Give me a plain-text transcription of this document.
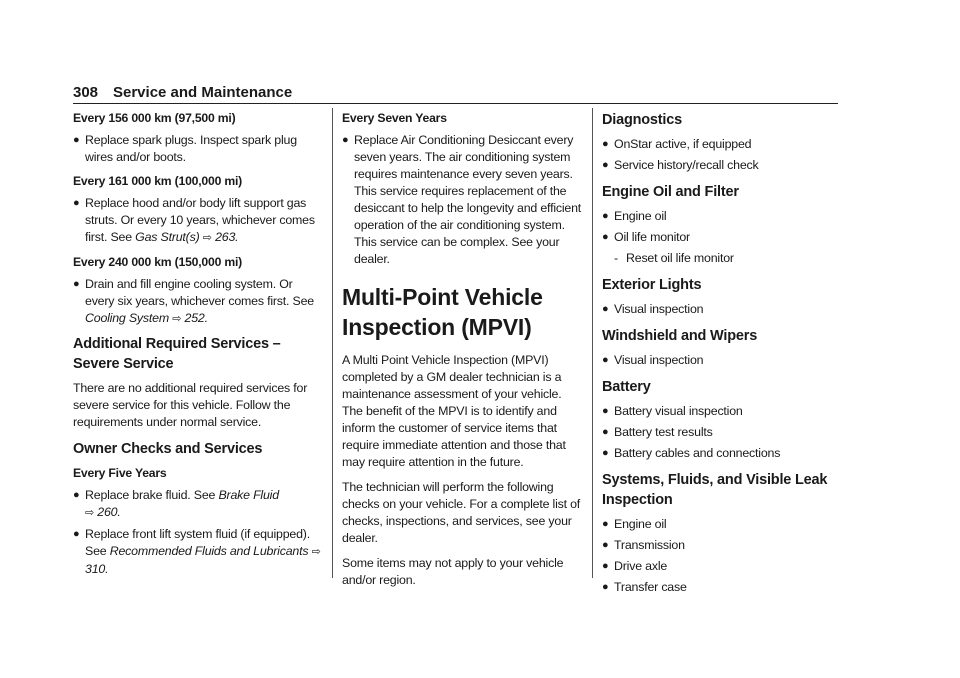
308 Service and Maintenance
Every 156 000 km (97,500 mi)
● Replace spark plugs. Inspect spark plug wires and/or boots.
Every 161 000 km (100,000 mi)
● Replace hood and/or body lift support gas struts. Or every 10 years, whichever comes first. See Gas Strut(s) ⇨ 263.
Every 240 000 km (150,000 mi)
● Drain and fill engine cooling system. Or every six years, whichever comes first. See Cooling System ⇨ 252.
Additional Required Services – Severe Service
There are no additional required services for severe service for this vehicle. Follow the requirements under normal service.
Owner Checks and Services
Every Five Years
● Replace brake fluid. See Brake Fluid
⇨ 260.
● Replace front lift system fluid (if equipped). See Recommended Fluids and Lubricants ⇨ 310.
Every Seven Years
● Replace Air Conditioning Desiccant every seven years. The air conditioning system requires maintenance every seven years. This service requires replacement of the desiccant to help the longevity and efficient operation of the air conditioning system. This service can be complex. See your dealer.
Multi-Point Vehicle Inspection (MPVI)
A Multi Point Vehicle Inspection (MPVI) completed by a GM dealer technician is a maintenance assessment of your vehicle. The benefit of the MPVI is to identify and inform the customer of service items that require immediate attention and those that may require attention in the future.
The technician will perform the following checks on your vehicle. For a complete list of checks, inspections, and services, see your dealer.
Some items may not apply to your vehicle and/or region.
Diagnostics
● OnStar active, if equipped
● Service history/recall check
Engine Oil and Filter
● Engine oil
● Oil life monitor
- Reset oil life monitor
Exterior Lights
● Visual inspection
Windshield and Wipers
● Visual inspection
Battery
● Battery visual inspection
● Battery test results
● Battery cables and connections
Systems, Fluids, and Visible Leak Inspection
● Engine oil
● Transmission
● Drive axle
● Transfer case
